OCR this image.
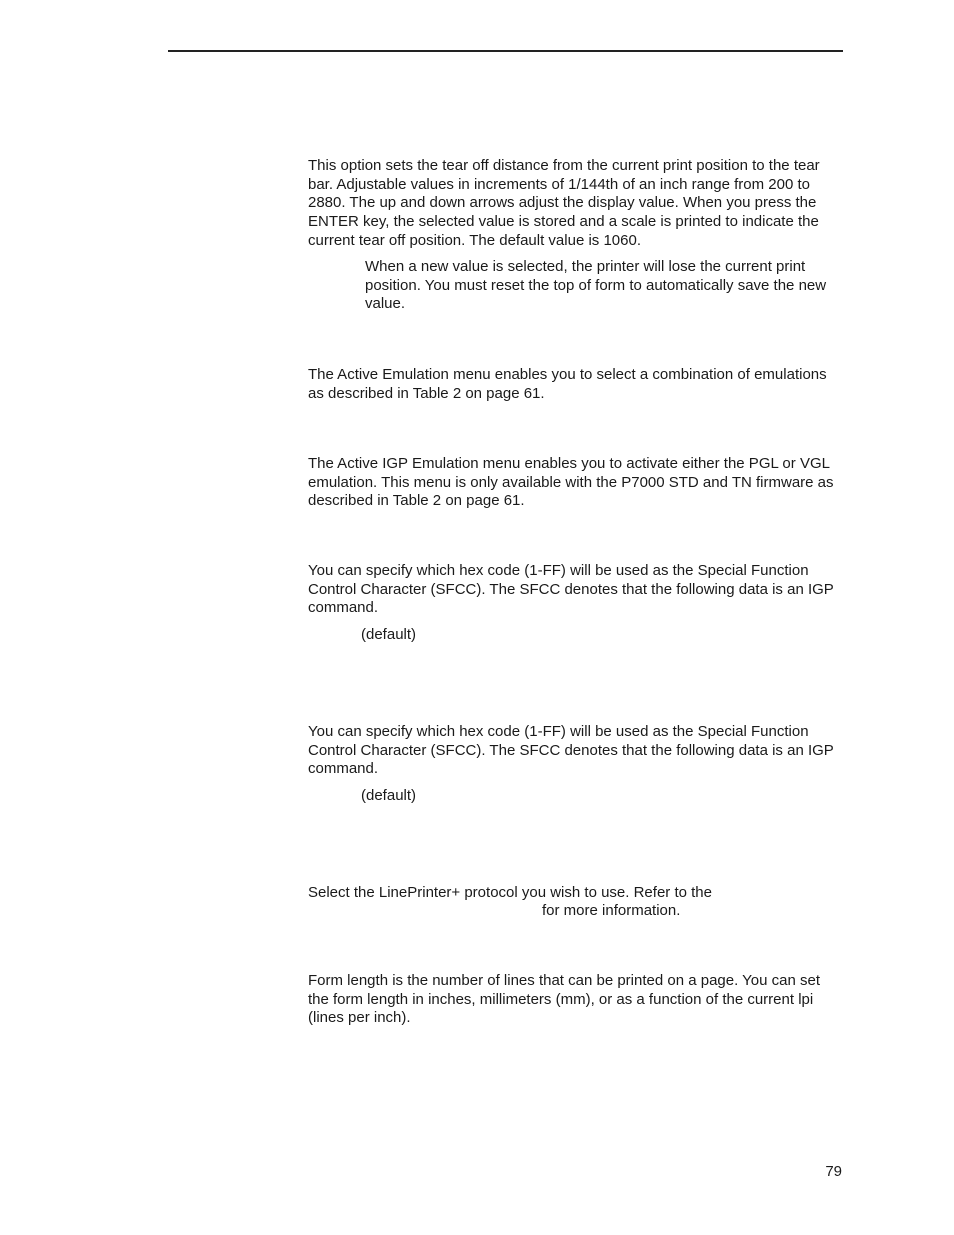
This option sets the tear off distance from the current print position to the tear bar. Adjustable values in increments of 1/144th of an inch range from 200 to 2880. The up and down arrows adjust the display value. When you press the ENTER key, the selected value is stored and a scale is printed to indicate the current tear off position. The default value is 1060.

When a new value is selected, the printer will lose the current print position. You must reset the top of form to automatically save the new value.

The Active Emulation menu enables you to select a combination of emulations as described in Table 2 on page 61.

The Active IGP Emulation menu enables you to activate either the PGL or VGL emulation. This menu is only available with the P7000 STD and TN firmware as described in Table 2 on page 61.

You can specify which hex code (1-FF) will be used as the Special Function Control Character (SFCC). The SFCC denotes that the following data is an IGP command.

(default)

You can specify which hex code (1-FF) will be used as the Special Function Control Character (SFCC). The SFCC denotes that the following data is an IGP command.

(default)

Select the LinePrinter+ protocol you wish to use. Refer to the

for more information.

Form length is the number of lines that can be printed on a page. You can set the form length in inches, millimeters (mm), or as a function of the current lpi (lines per inch).

79
